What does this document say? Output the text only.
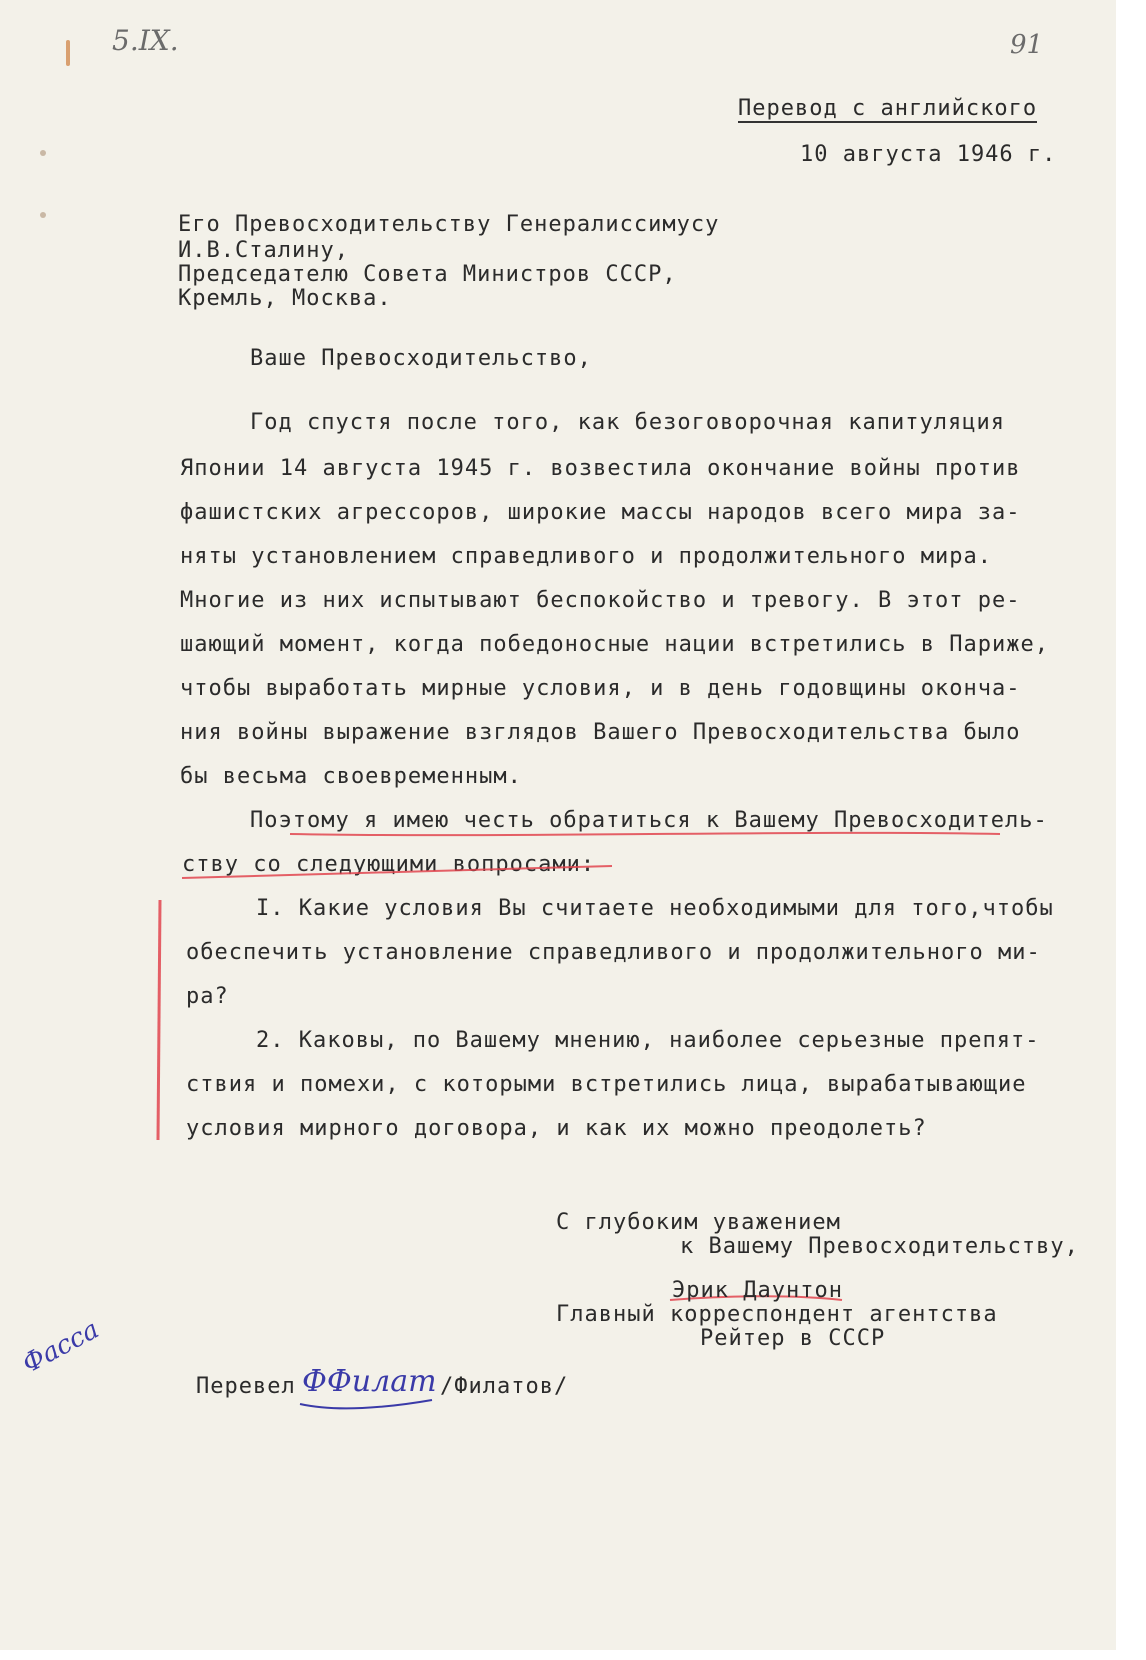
5.IX.	91
Перевод с английского
10 августа 1946 г.
Его Превосходительству Генералиссимусу
И.В.Сталину,
Председателю Совета Министров СССР,
Кремль, Москва.
Ваше Превосходительство,
Год спустя после того, как безоговорочная капитуляция
Японии 14 августа 1945 г. возвестила окончание войны против
фашистских агрессоров, широкие массы народов всего мира за-
няты установлением справедливого и продолжительного мира.
Многие из них испытывают беспокойство и тревогу. В этот ре-
шающий момент, когда победоносные нации встретились в Париже,
чтобы выработать мирные условия, и в день годовщины оконча-
ния войны выражение взглядов Вашего Превосходительства было
бы весьма своевременным.
Поэтому я имею честь обратиться к Вашему Превосходитель-
ству со следующими вопросами:
I. Какие условия Вы считаете необходимыми для того,чтобы
обеспечить установление справедливого и продолжительного ми-
ра?
2. Каковы, по Вашему мнению, наиболее серьезные препят-
ствия и помехи, с которыми встретились лица, вырабатывающие
условия мирного договора, и как их можно преодолеть?
С глубоким уважением
к Вашему Превосходительству,
Эрик Даунтон
Главный корреспондент агентства
Рейтер в СССР
Фасса
Перевел ФФилат /Филатов/
